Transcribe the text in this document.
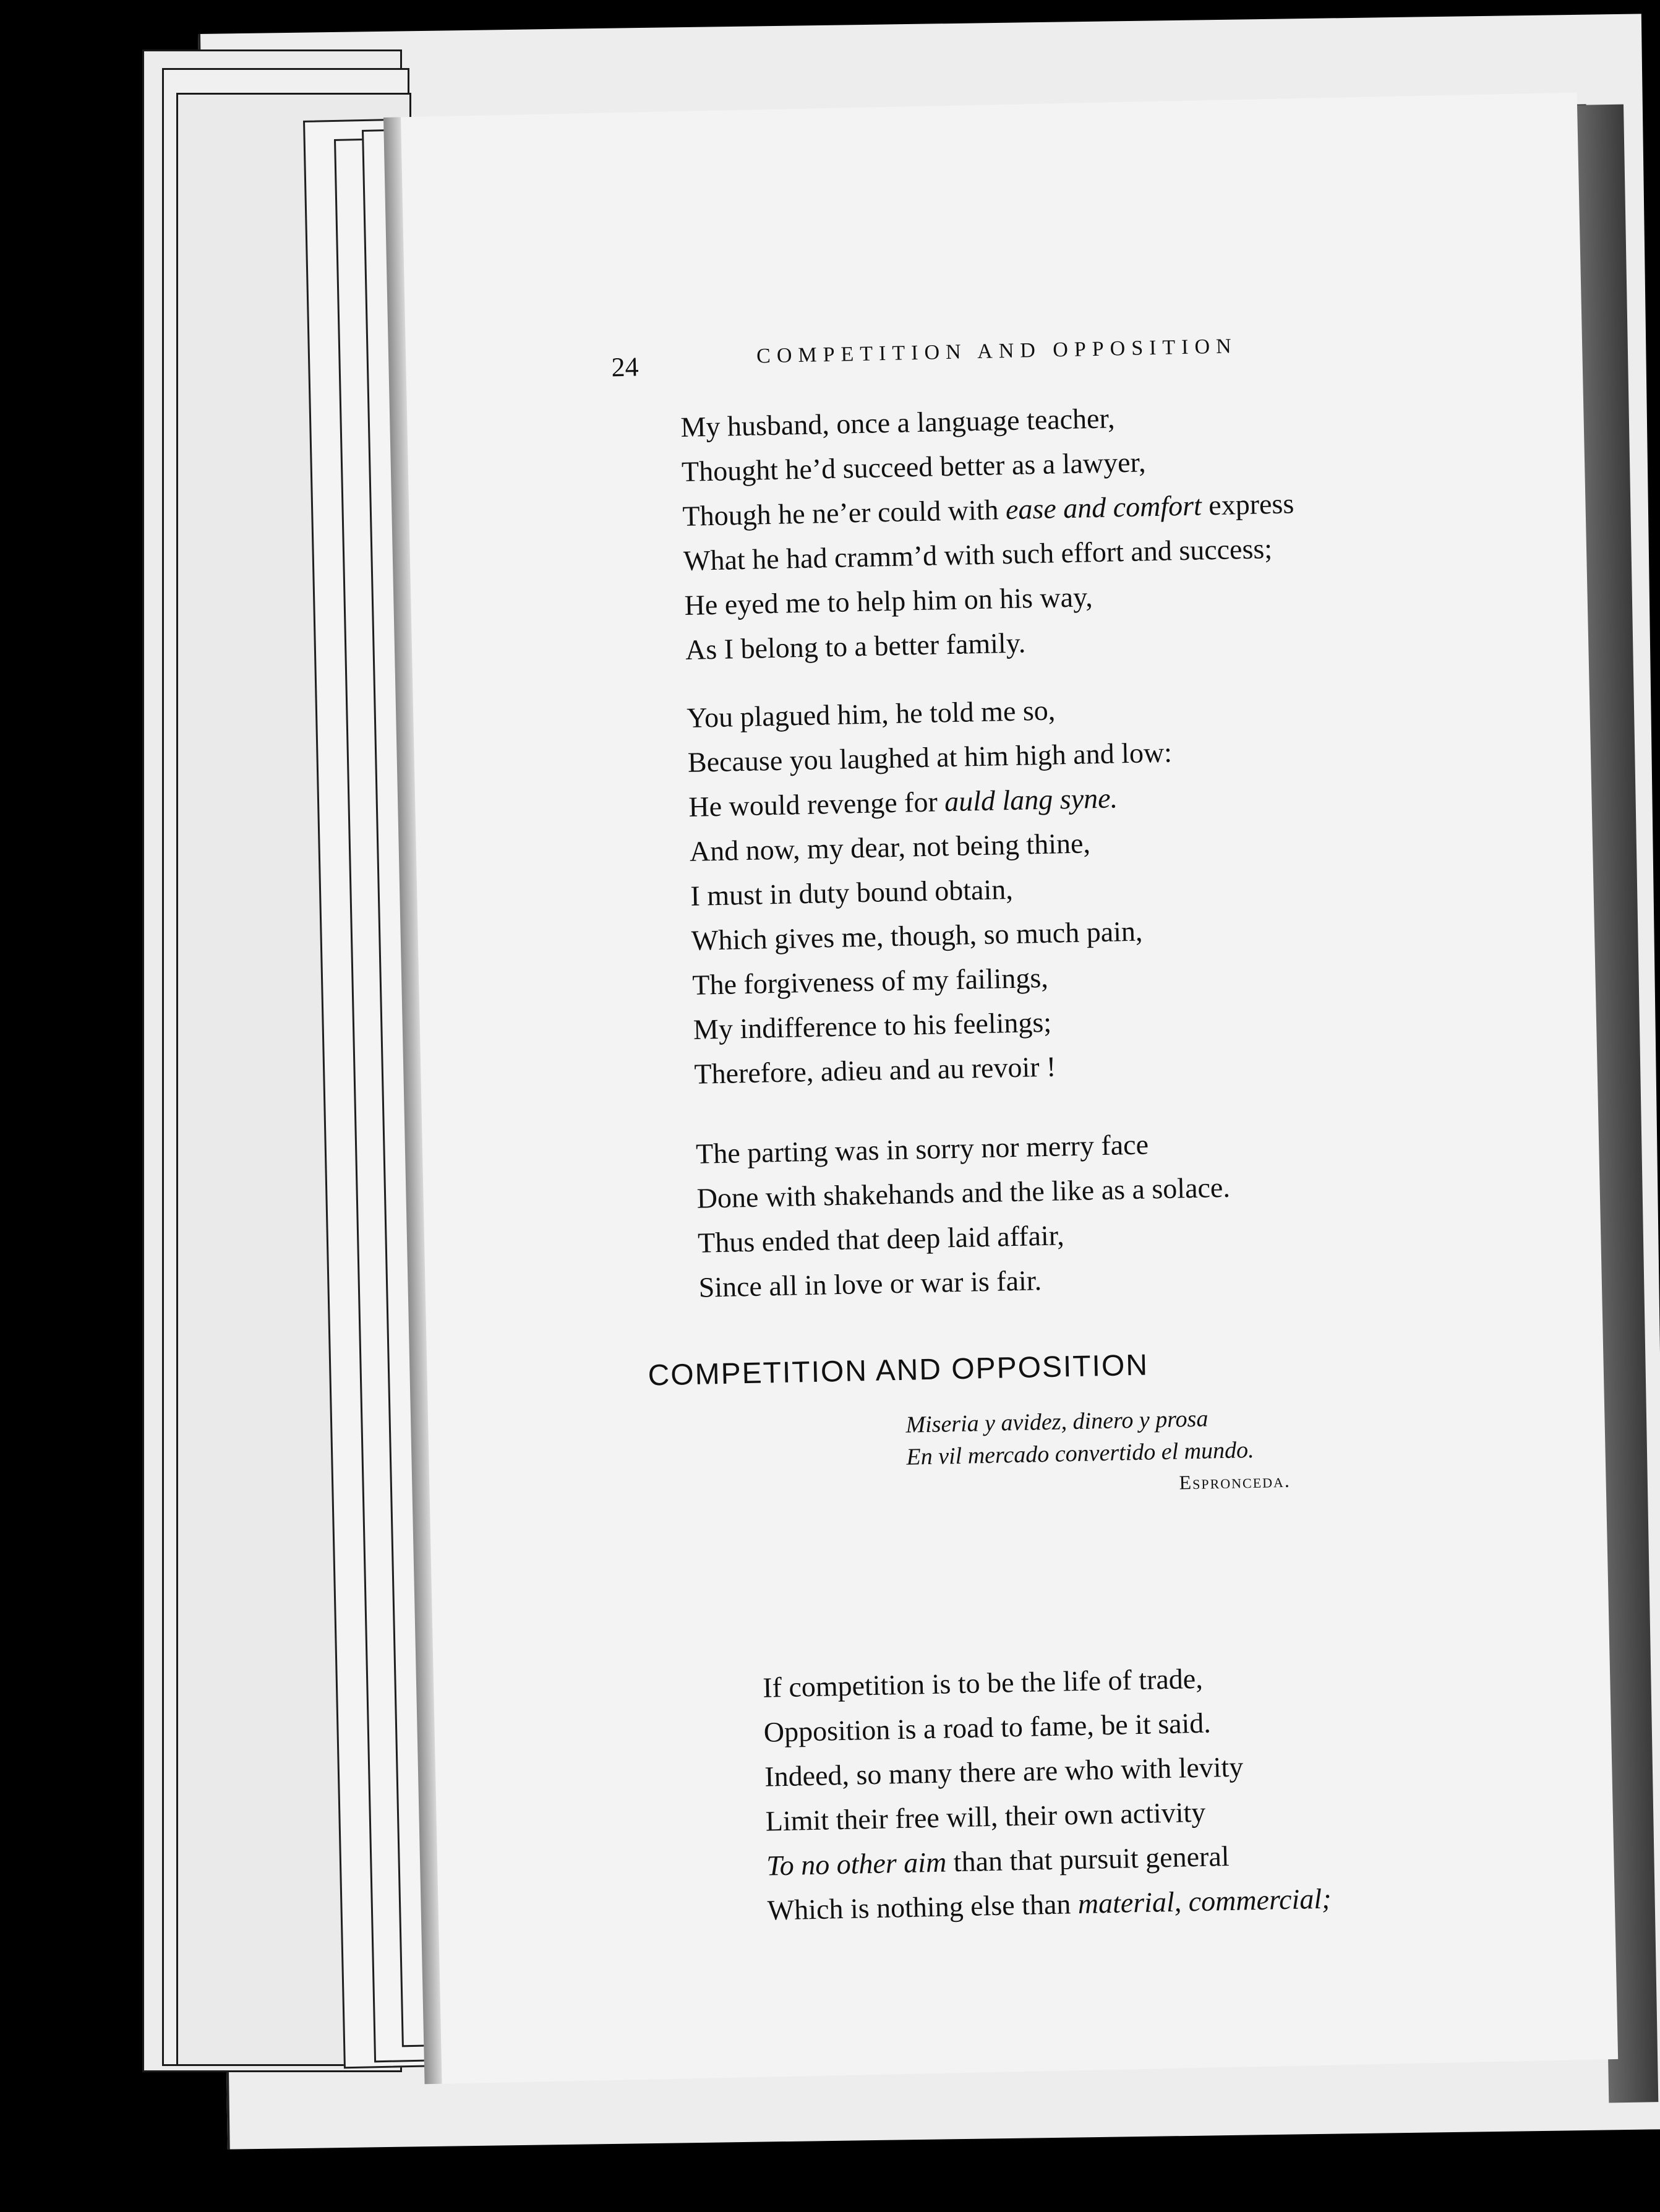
24	COMPETITION AND OPPOSITION
My husband, once a language teacher,
Thought he’d succeed better as a lawyer,
Though he ne’er could with ease and comfort express
What he had cramm’d with such effort and success;
He eyed me to help him on his way,
As I belong to a better family.
You plagued him, he told me so,
Because you laughed at him high and low:
He would revenge for auld lang syne.
And now, my dear, not being thine,
I must in duty bound obtain,
Which gives me, though, so much pain,
The forgiveness of my failings,
My indifference to his feelings;
Therefore, adieu and au revoir !
The parting was in sorry nor merry face
Done with shakehands and the like as a solace.
Thus ended that deep laid affair,
Since all in love or war is fair.
COMPETITION AND OPPOSITION
Miseria y avidez, dinero y prosa
En vil mercado convertido el mundo.
Espronceda.
If competition is to be the life of trade,
Opposition is a road to fame, be it said.
Indeed, so many there are who with levity
Limit their free will, their own activity
To no other aim than that pursuit general
Which is nothing else than material, commercial;
